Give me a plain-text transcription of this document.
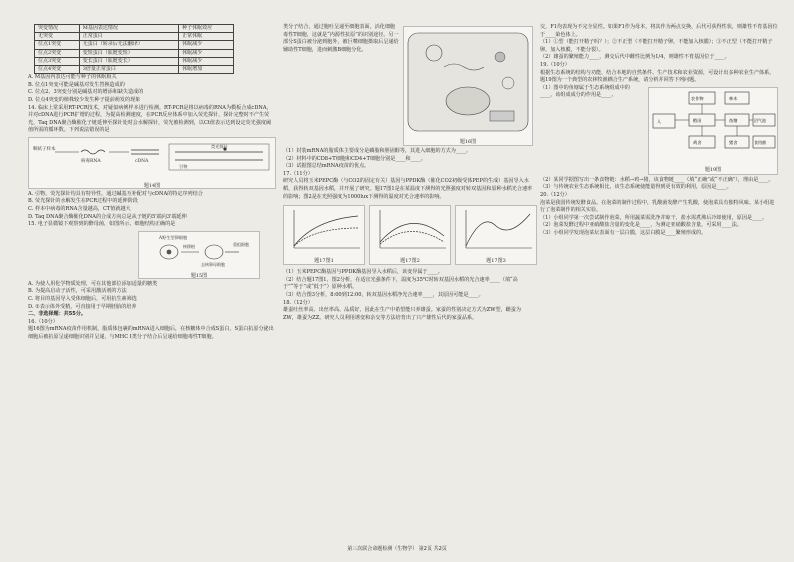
突变情况	M基因表达情况	种子休眠效应
无突变	正常蛋白	正常休眠
位点1突变	无蛋白（转录后无法翻译）	休眠减少
位点2突变	变短蛋白（肽链变短）	休眠减少
位点3突变	变长蛋白（肽链变长）	休眠减少
位点4突变	3倍量正常蛋白	休眠增加

A. M基因内表达可能与种子的休眠相关

B. 位点1突变可能是碱基对发生替换造成的

C. 位点2、3突变分别是碱基对的增添和缺失造成的

D. 位点4突变的植株较少发生种子提前萌发的现象

14. 临床上常采用RT-PCR技术，对疑似病例样本进行检测。RT-PCR是将以病毒的RNA为模板合成cDNA，并对cDNA进行PCR扩增的过程，为提高检测速度，在PCR反应体系中加入荧光探针，探针完整时不产生荧光，Taq DNA聚合酶催化子链延伸至探针处时会水解探针，荧光被检测到，以Ct值表示达到设定荧光强度阈值所需的循环数。下列说法错误的是

咽拭子样本
病毒RNA	cDNA
荧光探针
引物
题14图

A. 引物、荧光探针均具有特异性，通过碱基互补配对与cDNA的特定序列结合

B. 荧光探针的水解发生在PCR过程中的延伸阶段

C. 样本中病毒的RNA含量越高，CT值就越大

D. Taq DNA聚合酶催化DNA的合成方向总是从子链的5'端向3'端延伸

15. 电子显微镜下观察到的酵母菌，如图所示，细胞结构正确的是

A野生型卵细胞
核移植
去核卵母细胞
重组细胞
题15图

A. 为使人用化学物质处理，可在其他部位添加适量的糖类

B. 为提高启动子活性，可采用激活剂的方法

C. 将目的基因导入受体细胞后，可用抗生素筛选

D. ①表示体外受精，可直接用于早期胚胎的培养

二、非选择题：共55分。

16.（10分）

题16图为mRNA疫苗作用机制。脂质体包裹的mRNA进入细胞后，在核糖体中合成S蛋白，S蛋白抗原分泌出细胞后被抗原呈递细胞识别并呈递，与MHC I类分子结合后呈递给细胞毒性T细胞。

类分子结合，通过胞吐呈递至细胞表面，活化细胞毒性T细胞，这就是“内源性抗原”的识别途径。另一部分S蛋白被分泌到胞外，被巨噬细胞摄取后呈递给辅助性T细胞，进而刺激B细胞分化。

题16图

（1）封装mRNA的脂质体主要成分是磷脂和胆固醇等，其进入细胞的方式为____。

（2）材料中的CD8+T细胞和CD4+T细胞分别是____和____。

（3）试据图总结mRNA疫苗的优点。

17.（11分）

研究人员将玉米PEPC酶（与CO2的固定有关）基因与PPDK酶（催化CO2初级受体PEP的生成）基因导入水稻，获得转双基因水稻，并开展了研究。题17图1是在某温度下测得的光照强度对转双基因和原种水稻光合速率的影响；图2是在光照强度为1000lux下测得的温度对光合速率的影响。

题17图1	题17图2	题17图3

（1）玉米PEPC酶基因与PPDK酶基因导入水稻后，该变异属于____。

（2）结合题17图1、图2分析，在适宜光强条件下，温度为35℃时转双基因水稻的光合速率____（填“高于”“等于”或“低于”）原种水稻。

（3）结合图3分析，8:00到12:00，转双基因水稻净光合速率____，其原因可能是____。

18.（12分）

雄蚕吐丝率高、出丝率高、品质好，因此在生产中希望能只养雄蚕。家蚕的性别决定方式为ZW型，雌蚕为ZW，雄蚕为ZZ。研究人员利用诱变和杂交等方法培育出了只产雄性后代的家蚕品系。

交，F1均表现为不完全显性。如果F1作为母本，将其作为两点交换，后代可获得性状，则雄性不育基因位于____染色体上。

（1）①型（能打开精子吗？）；②不正型（不能打开精子卵，不能加入核膜）；③不正型（不能打开精子卵，加入核膜，不能分裂）。

（2）雄蚕的繁殖能力____，测交后代中雌性比例为1/4，则雄性不育基因位于____。

19.（10分）

根据生态系统的结构与功能，结合本地的自然条件、生产技术和农业资源，可设计出多种农业生产体系。题19图为一个典型的农林牧渔耦合生产系统，请分析并回答下列问题。

（1）图中的鱼塘属于生态系统组成中的____，该组成成分的作用是____。

人
农作物	林木
稻田	鱼塘
鸡舍	猪舍
沼气池
食用菌
题19图

（2）某同学据图写出一条食物链：水稻→鸡→猪，该食物链____（填“正确”或“不正确”），理由是____。

（3）与传统农业生态系统相比，该生态系统使能量得到更有效的利用，原因是____。

20.（12分）

泡菜是我国传统发酵食品。在泡菜的制作过程中，乳酸菌发酵产生乳酸，使泡菜具有独特风味。某小组进行了泡菜制作的相关实验。

（1）小组同学第一次尝试制作泡菜，所用蔬菜需洗净并晾干，盐水需煮沸后冷却使用，原因是____。

（2）泡菜发酵过程中亚硝酸盐含量的变化是____，为测定亚硝酸盐含量，可采用____法。

（3）小组同学发现泡菜坛表面有一层白膜，这层白膜是____繁殖形成的。

第三次联合命题检测（生物学） 第2页 共2页
